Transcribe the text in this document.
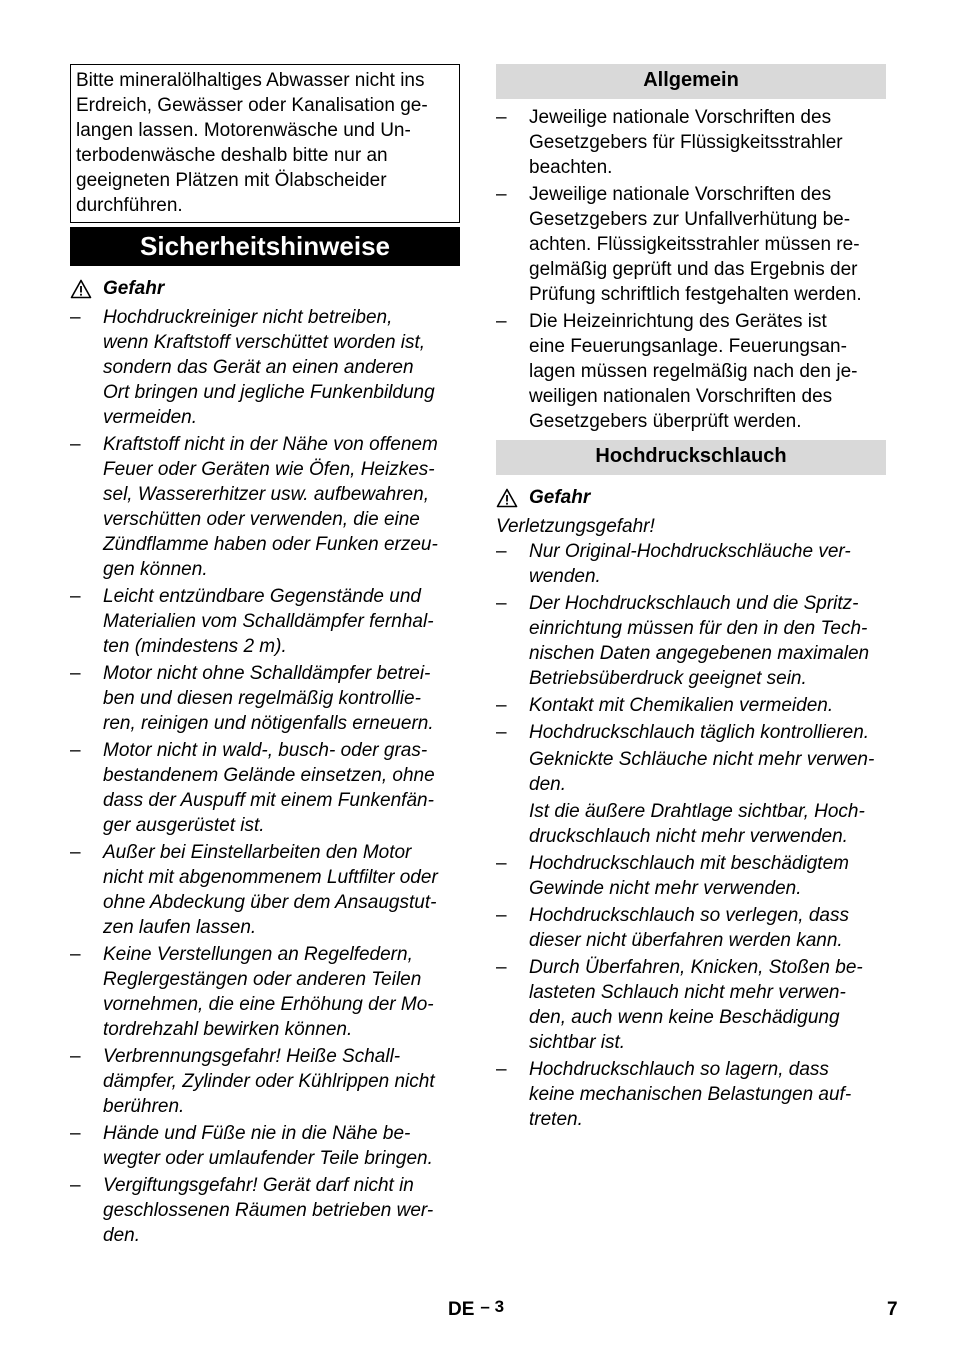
Bitte mineralölhaltiges Abwasser nicht ins
Erdreich, Gewässer oder Kanalisation ge-
langen lassen. Motorenwäsche und Un-
terbodenwäsche deshalb bitte nur an
geeigneten Plätzen mit Ölabscheider
durchführen.
Sicherheitshinweise
Gefahr
– Hochdruckreiniger nicht betreiben,
wenn Kraftstoff verschüttet worden ist,
sondern das Gerät an einen anderen
Ort bringen und jegliche Funkenbildung
vermeiden.
– Kraftstoff nicht in der Nähe von offenem
Feuer oder Geräten wie Öfen, Heizkes-
sel, Wassererhitzer usw. aufbewahren,
verschütten oder verwenden, die eine
Zündflamme haben oder Funken erzeu-
gen können.
– Leicht entzündbare Gegenstände und
Materialien vom Schalldämpfer fernhal-
ten (mindestens 2 m).
– Motor nicht ohne Schalldämpfer betrei-
ben und diesen regelmäßig kontrollie-
ren, reinigen und nötigenfalls erneuern.
– Motor nicht in wald-, busch- oder gras-
bestandenem Gelände einsetzen, ohne
dass der Auspuff mit einem Funkenfän-
ger ausgerüstet ist.
– Außer bei Einstellarbeiten den Motor
nicht mit abgenommenem Luftfilter oder
ohne Abdeckung über dem Ansaugstut-
zen laufen lassen.
– Keine Verstellungen an Regelfedern,
Reglergestängen oder anderen Teilen
vornehmen, die eine Erhöhung der Mo-
tordrehzahl bewirken können.
– Verbrennungsgefahr! Heiße Schall-
dämpfer, Zylinder oder Kühlrippen nicht
berühren.
– Hände und Füße nie in die Nähe be-
wegter oder umlaufender Teile bringen.
– Vergiftungsgefahr! Gerät darf nicht in
geschlossenen Räumen betrieben wer-
den.
Allgemein
– Jeweilige nationale Vorschriften des
Gesetzgebers für Flüssigkeitsstrahler
beachten.
– Jeweilige nationale Vorschriften des
Gesetzgebers zur Unfallverhütung be-
achten. Flüssigkeitsstrahler müssen re-
gelmäßig geprüft und das Ergebnis der
Prüfung schriftlich festgehalten werden.
– Die Heizeinrichtung des Gerätes ist
eine Feuerungsanlage. Feuerungsan-
lagen müssen regelmäßig nach den je-
weiligen nationalen Vorschriften des
Gesetzgebers überprüft werden.
Hochdruckschlauch
Gefahr
Verletzungsgefahr!
– Nur Original-Hochdruckschläuche ver-
wenden.
– Der Hochdruckschlauch und die Spritz-
einrichtung müssen für den in den Tech-
nischen Daten angegebenen maximalen
Betriebsüberdruck geeignet sein.
– Kontakt mit Chemikalien vermeiden.
– Hochdruckschlauch täglich kontrollieren.
Geknickte Schläuche nicht mehr verwen-
den.
Ist die äußere Drahtlage sichtbar, Hoch-
druckschlauch nicht mehr verwenden.
– Hochdruckschlauch mit beschädigtem
Gewinde nicht mehr verwenden.
– Hochdruckschlauch so verlegen, dass
dieser nicht überfahren werden kann.
– Durch Überfahren, Knicken, Stoßen be-
lasteten Schlauch nicht mehr verwen-
den, auch wenn keine Beschädigung
sichtbar ist.
– Hochdruckschlauch so lagern, dass
keine mechanischen Belastungen auf-
treten.
DE – 3	7
